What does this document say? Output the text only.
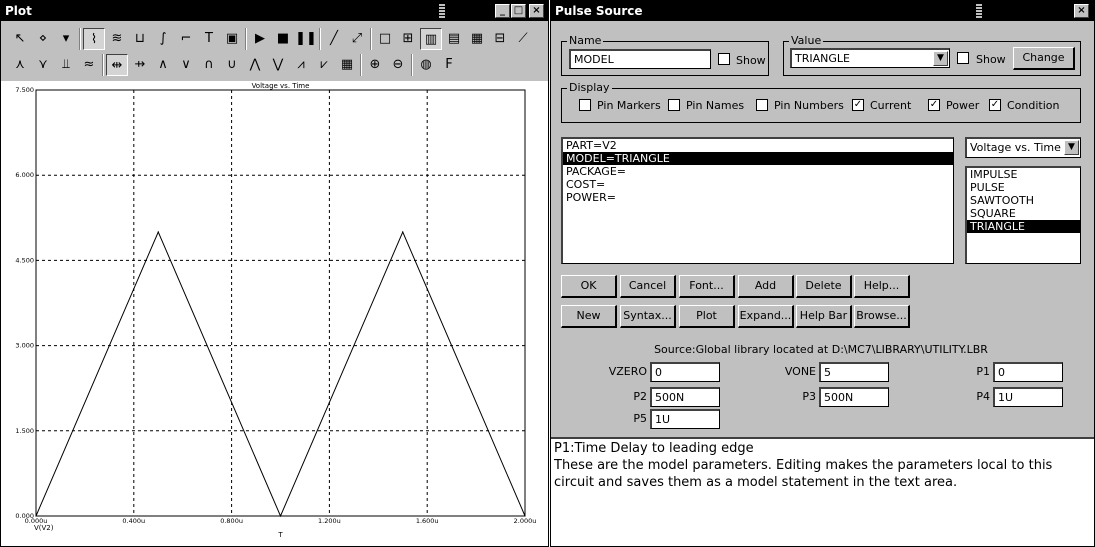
Plot	_ □ ×
↖	⋄	▾	⌇	≋ ⊔	∫	⌐	T ▣	▶ ■ ❚❚	╱	⤢	□ ⊞ ▥ ▤ ▦ ⊟ ⟋
⋏	⋎	⫫	≈	⇹ ⇸ ∧	∨	∩	∪ ⋀ ⋁	⩘	⩗	▦	⊕ ⊖	◍	F
0.000u	0.400u	0.800u	1.200u	1.600u	2.000u
0.000
1.500
3.000
4.500
6.000
7.500	Voltage vs. Time
V(V2)
T
Pulse Source	×
Name
MODEL	Show
Value
TRIANGLE	▼	Show	Change
Display
Pin Markers Pin Names	Pin Numbers ✓ Current ✓ Power ✓ Condition
PART=V2
MODEL=TRIANGLE
PACKAGE=
COST=
POWER=
Voltage vs. Time ▼
IMPULSE
PULSE
SAWTOOTH
SQUARE
TRIANGLE
OK	Cancel	Font...	Add	Delete	Help...
New	Syntax...	Plot	Expand... Help Bar Browse...
Source:Global library located at D:\MC7\LIBRARY\UTILITY.LBR
VZERO 0	VONE 5	P1 0
P2 500N	P3 500N	P4 1U
P5 1U
P1:Time Delay to leading edge
These are the model parameters. Editing makes the parameters local to this circuit and saves them as a model statement in the text area.
